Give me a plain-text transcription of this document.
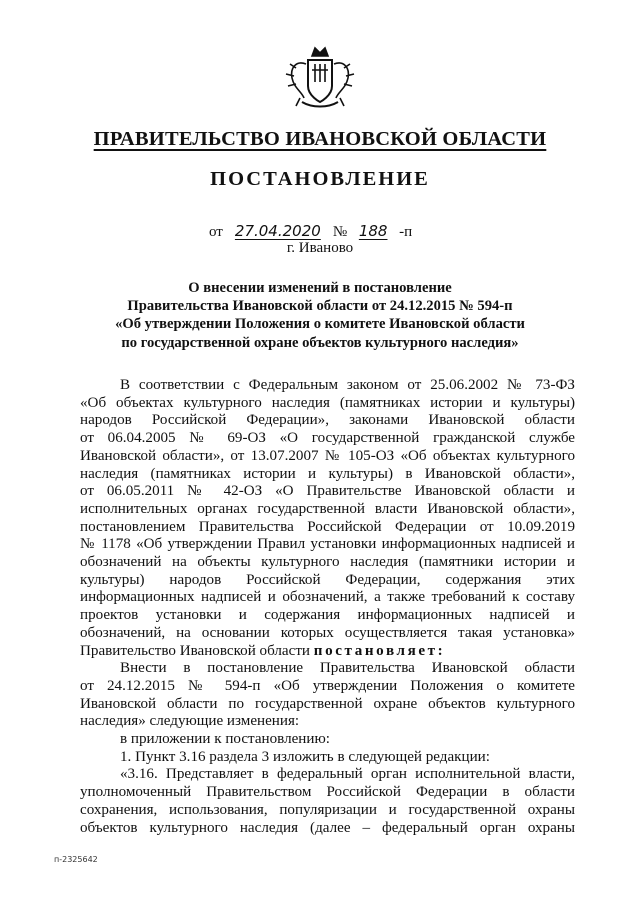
ПРАВИТЕЛЬСТВО ИВАНОВСКОЙ ОБЛАСТИ
ПОСТАНОВЛЕНИЕ
от 27.04.2020 № 188 -п
г. Иваново
О внесении изменений в постановление
Правительства Ивановской области от 24.12.2015 № 594-п
«Об утверждении Положения о комитете Ивановской области
по государственной охране объектов культурного наследия»
В соответствии с Федеральным законом от 25.06.2002 № 73-ФЗ
«Об объектах культурного наследия (памятниках истории и культуры)
народов Российской Федерации», законами Ивановской области
от 06.04.2005 № 69-ОЗ «О государственной гражданской службе
Ивановской области», от 13.07.2007 № 105-ОЗ «Об объектах культурного
наследия (памятниках истории и культуры) в Ивановской области»,
от 06.05.2011 № 42-ОЗ «О Правительстве Ивановской области и
исполнительных органах государственной власти Ивановской области»,
постановлением Правительства Российской Федерации от 10.09.2019
№ 1178 «Об утверждении Правил установки информационных надписей и
обозначений на объекты культурного наследия (памятники истории и
культуры) народов Российской Федерации, содержания этих
информационных надписей и обозначений, а также требований к составу
проектов установки и содержания информационных надписей и
обозначений, на основании которых осуществляется такая установка»
Правительство Ивановской области постановляет:
Внести в постановление Правительства Ивановской области
от 24.12.2015 № 594-п «Об утверждении Положения о комитете
Ивановской области по государственной охране объектов культурного
наследия» следующие изменения:
в приложении к постановлению:
1. Пункт 3.16 раздела 3 изложить в следующей редакции:
«3.16. Представляет в федеральный орган исполнительной власти,
уполномоченный Правительством Российской Федерации в области
сохранения, использования, популяризации и государственной охраны
объектов культурного наследия (далее – федеральный орган охраны
п-2325642
